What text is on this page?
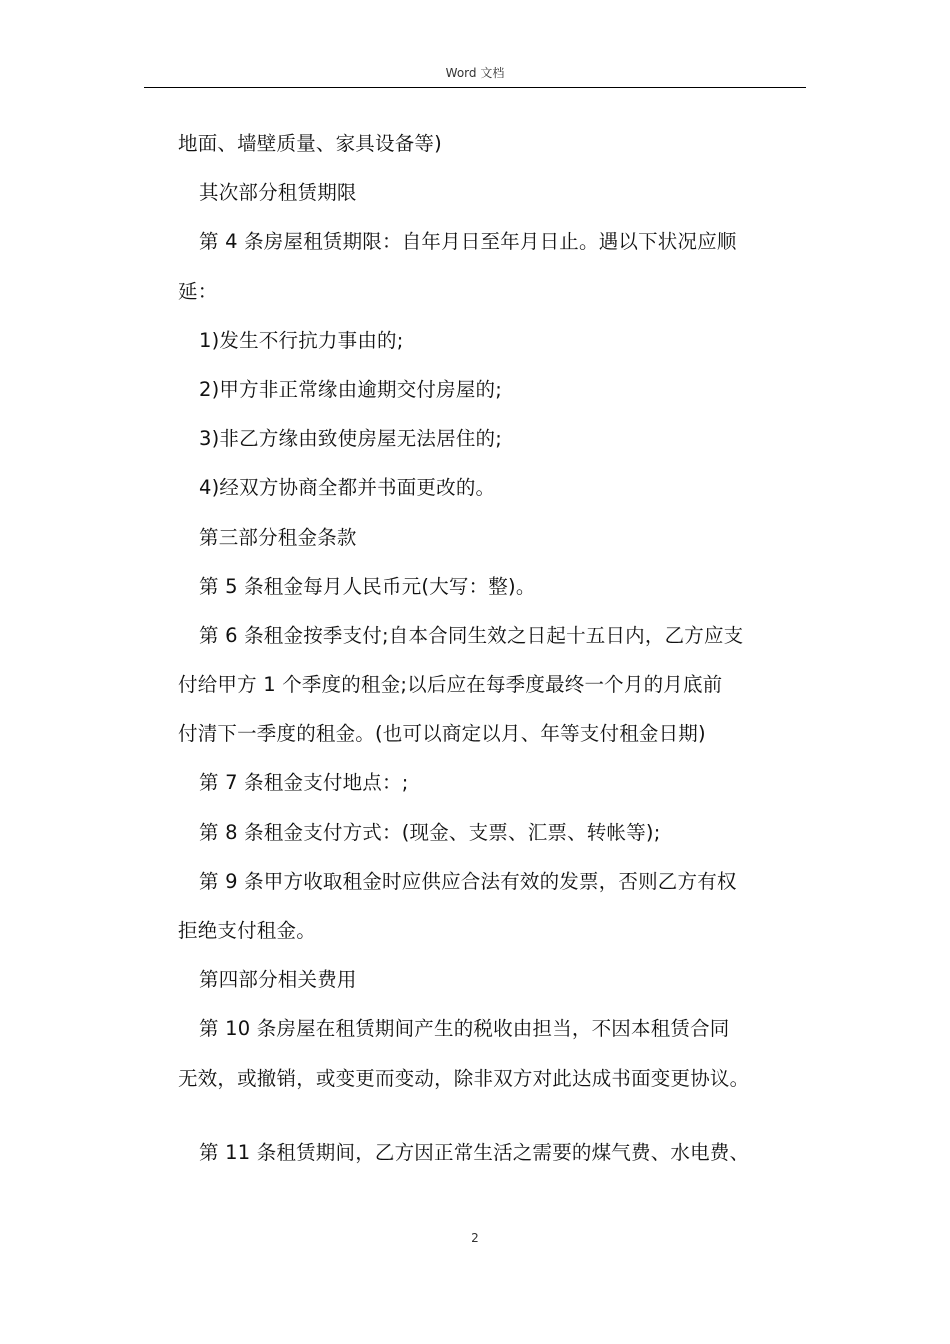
Word 文档
地面、墙壁质量、家具设备等)
其次部分租赁期限
第 4 条房屋租赁期限：自年月日至年月日止。遇以下状况应顺
延：
1)发生不行抗力事由的;
2)甲方非正常缘由逾期交付房屋的;
3)非乙方缘由致使房屋无法居住的;
4)经双方协商全都并书面更改的。
第三部分租金条款
第 5 条租金每月人民币元(大写：整)。
第 6 条租金按季支付;自本合同生效之日起十五日内，乙方应支
付给甲方 1 个季度的租金;以后应在每季度最终一个月的月底前
付清下一季度的租金。(也可以商定以月、年等支付租金日期)
第 7 条租金支付地点：;
第 8 条租金支付方式：(现金、支票、汇票、转帐等);
第 9 条甲方收取租金时应供应合法有效的发票，否则乙方有权
拒绝支付租金。
第四部分相关费用
第 10 条房屋在租赁期间产生的税收由担当，不因本租赁合同
无效，或撤销，或变更而变动，除非双方对此达成书面变更协议。
第 11 条租赁期间，乙方因正常生活之需要的煤气费、水电费、
2
